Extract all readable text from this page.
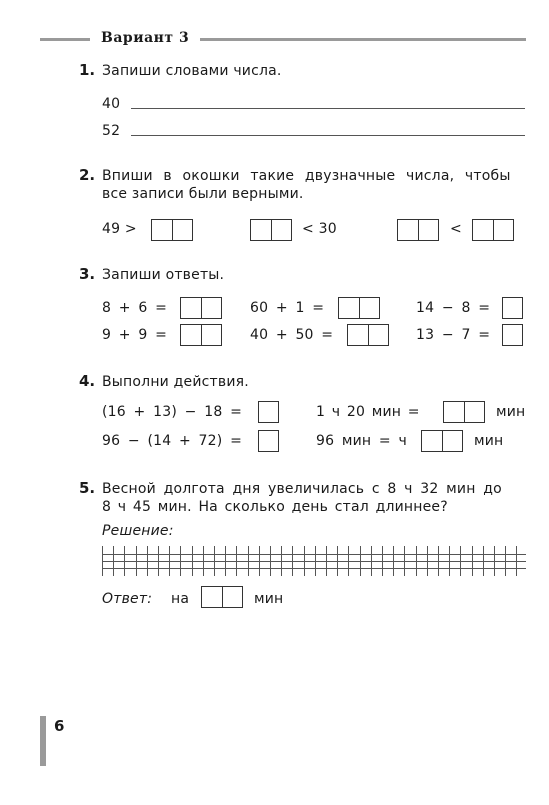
Вариант 3
1. Запиши словами числа.
40
52
2. Впиши в окошки такие двузначные числа, чтобы
все записи были верными.
49 >	< 30	<
3. Запиши ответы.
8 + 6 =	60 + 1 =	14 − 8 =
9 + 9 =	40 + 50 =	13 − 7 =
4. Выполни действия.
(16 + 13) − 18 =	1 ч 20 мин =	мин
96 − (14 + 72) =	96 мин = ч	мин
5. Весной долгота дня увеличилась с 8 ч 32 мин до
8 ч 45 мин. На сколько день стал длиннее?
Решение:
Ответ: на	мин
6
